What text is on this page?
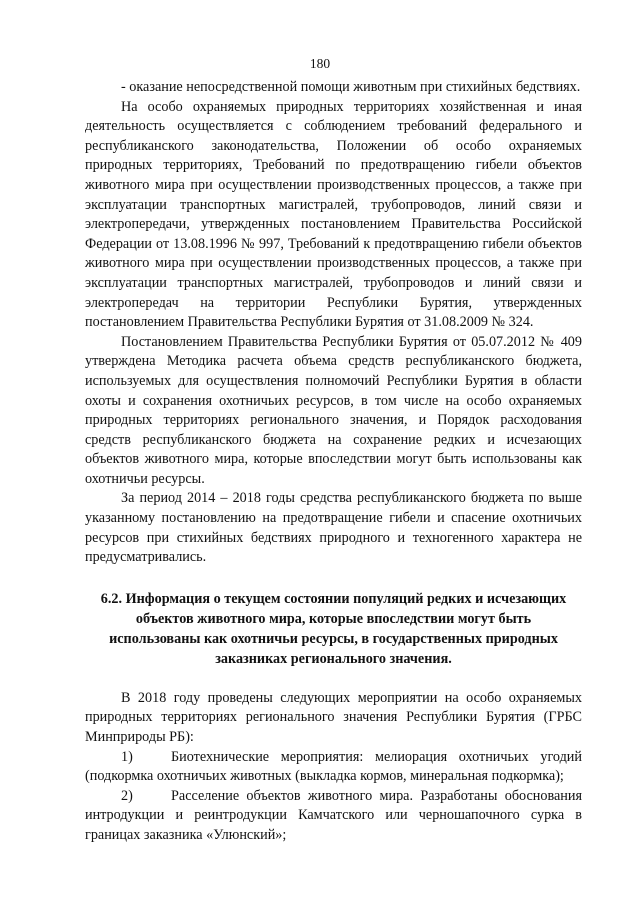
180

- оказание непосредственной помощи животным при стихийных бедствиях.

На особо охраняемых природных территориях хозяйственная и иная деятельность осуществляется с соблюдением требований федерального и республиканского законодательства, Положении об особо охраняемых природных территориях, Требований по предотвращению гибели объектов животного мира при осуществлении производственных процессов, а также при эксплуатации транспортных магистралей, трубопроводов, линий связи и электропередачи, утвержденных постановлением Правительства Российской Федерации от 13.08.1996 № 997, Требований к предотвращению гибели объектов животного мира при осуществлении производственных процессов, а также при эксплуатации транспортных магистралей, трубопроводов и линий связи и электропередач на территории Республики Бурятия, утвержденных постановлением Правительства Республики Бурятия от 31.08.2009 № 324.

Постановлением Правительства Республики Бурятия от 05.07.2012 № 409 утверждена Методика расчета объема средств республиканского бюджета, используемых для осуществления полномочий Республики Бурятия в области охоты и сохранения охотничьих ресурсов, в том числе на особо охраняемых природных территориях регионального значения, и Порядок расходования средств республиканского бюджета на сохранение редких и исчезающих объектов животного мира, которые впоследствии могут быть использованы как охотничьи ресурсы.

За период 2014 – 2018 годы средства республиканского бюджета по выше указанному постановлению на предотвращение гибели и спасение охотничьих ресурсов при стихийных бедствиях природного и техногенного характера не предусматривались.

6.2. Информация о текущем состоянии популяций редких и исчезающих объектов животного мира, которые впоследствии могут быть использованы как охотничьи ресурсы, в государственных природных заказниках регионального значения.

В 2018 году проведены следующих мероприятии на особо охраняемых природных территориях регионального значения Республики Бурятия (ГРБС Минприроды РБ):

1)	Биотехнические мероприятия: мелиорация охотничьих угодий (подкормка охотничьих животных (выкладка кормов, минеральная подкормка);

2)	Расселение объектов животного мира. Разработаны обоснования интродукции и реинтродукции Камчатского или черношапочного сурка в границах заказника «Улюнский»;
